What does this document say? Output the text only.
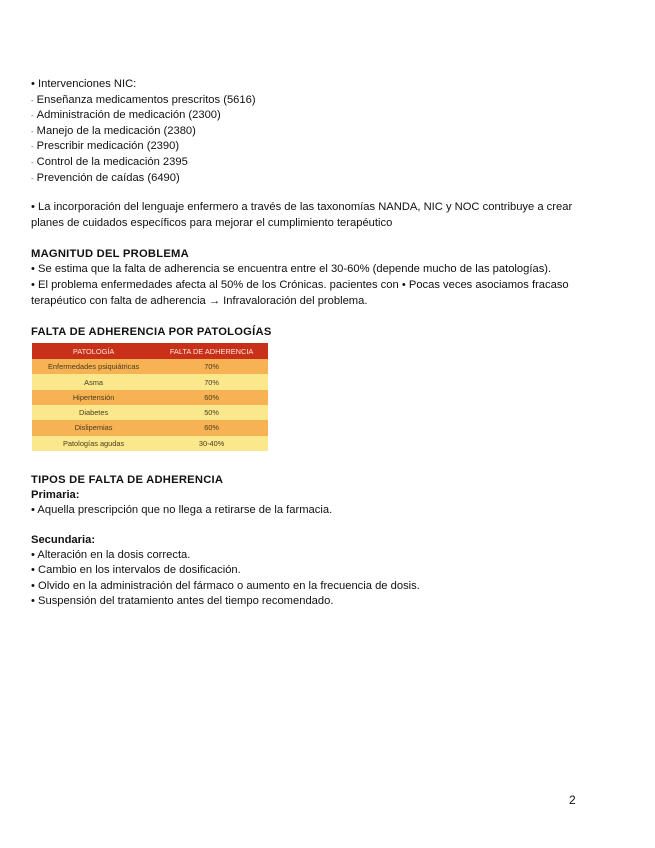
• Intervenciones NIC:
- Enseñanza medicamentos prescritos (5616)
- Administración de medicación (2300)
- Manejo de la medicación (2380)
- Prescribir medicación (2390)
- Control de la medicación 2395
- Prevención de caídas (6490)
• La incorporación del lenguaje enfermero a través de las taxonomías NANDA, NIC y NOC contribuye a crear
planes de cuidados específicos para mejorar el cumplimiento terapéutico
MAGNITUD DEL PROBLEMA
• Se estima que la falta de adherencia se encuentra entre el 30-60% (depende mucho de las patologías).
• El problema enfermedades afecta al 50% de los Crónicas. pacientes con • Pocas veces asociamos fracaso
terapéutico con falta de adherencia → Infravaloración del problema.
FALTA DE ADHERENCIA POR PATOLOGÍAS
PATOLOGÍA	FALTA DE ADHERENCIA
Enfermedades psiquiátricas	70%
Asma	70%
Hipertensión	60%
Diabetes	50%
Dislipemias	60%
Patologías agudas	30-40%
TIPOS DE FALTA DE ADHERENCIA
Primaria:
• Aquella prescripción que no llega a retirarse de la farmacia.
Secundaria:
• Alteración en la dosis correcta.
• Cambio en los intervalos de dosificación.
• Olvido en la administración del fármaco o aumento en la frecuencia de dosis.
• Suspensión del tratamiento antes del tiempo recomendado.
2
